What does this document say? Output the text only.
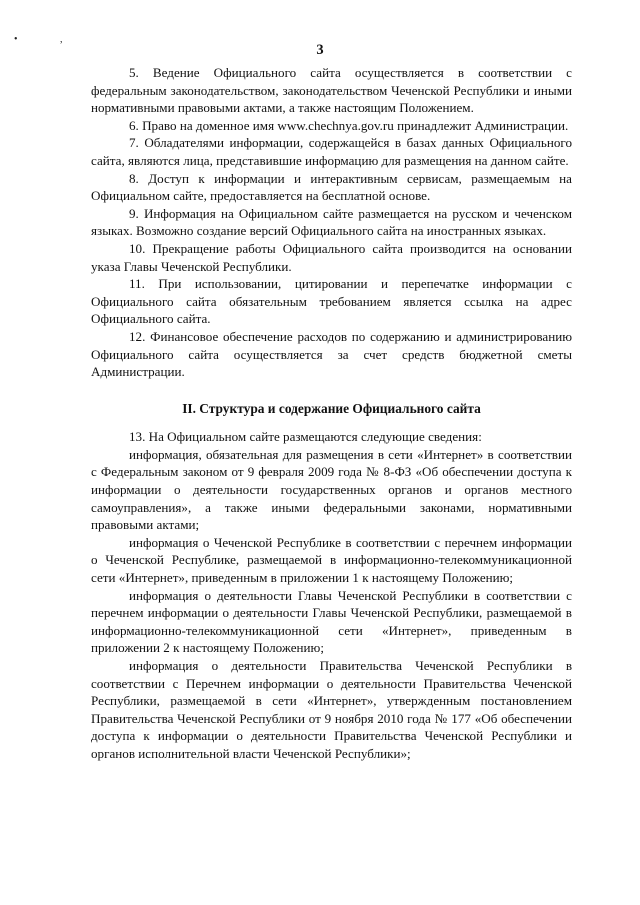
• ,
3

5. Ведение Официального сайта осуществляется в соответствии с федеральным законодательством, законодательством Чеченской Республики и иными нормативными правовыми актами, а также настоящим Положением.

6. Право на доменное имя www.chechnya.gov.ru принадлежит Администрации.

7. Обладателями информации, содержащейся в базах данных Официального сайта, являются лица, представившие информацию для размещения на данном сайте.

8. Доступ к информации и интерактивным сервисам, размещаемым на Официальном сайте, предоставляется на бесплатной основе.

9. Информация на Официальном сайте размещается на русском и чеченском языках. Возможно создание версий Официального сайта на иностранных языках.

10. Прекращение работы Официального сайта производится на основании указа Главы Чеченской Республики.

11. При использовании, цитировании и перепечатке информации с Официального сайта обязательным требованием является ссылка на адрес Официального сайта.

12. Финансовое обеспечение расходов по содержанию и администрированию Официального сайта осуществляется за счет средств бюджетной сметы Администрации.

II. Структура и содержание Официального сайта

13. На Официальном сайте размещаются следующие сведения:

информация, обязательная для размещения в сети «Интернет» в соответствии с Федеральным законом от 9 февраля 2009 года № 8-ФЗ «Об обеспечении доступа к информации о деятельности государственных органов и органов местного самоуправления», а также иными федеральными законами, нормативными правовыми актами;

информация о Чеченской Республике в соответствии с перечнем информации о Чеченской Республике, размещаемой в информационно-телекоммуникационной сети «Интернет», приведенным в приложении 1 к настоящему Положению;

информация о деятельности Главы Чеченской Республики в соответствии с перечнем информации о деятельности Главы Чеченской Республики, размещаемой в информационно-телекоммуникационной сети «Интернет», приведенным в приложении 2 к настоящему Положению;

информация о деятельности Правительства Чеченской Республики в соответствии с Перечнем информации о деятельности Правительства Чеченской Республики, размещаемой в сети «Интернет», утвержденным постановлением Правительства Чеченской Республики от 9 ноября 2010 года № 177 «Об обеспечении доступа к информации о деятельности Правительства Чеченской Республики и органов исполнительной власти Чеченской Республики»;
